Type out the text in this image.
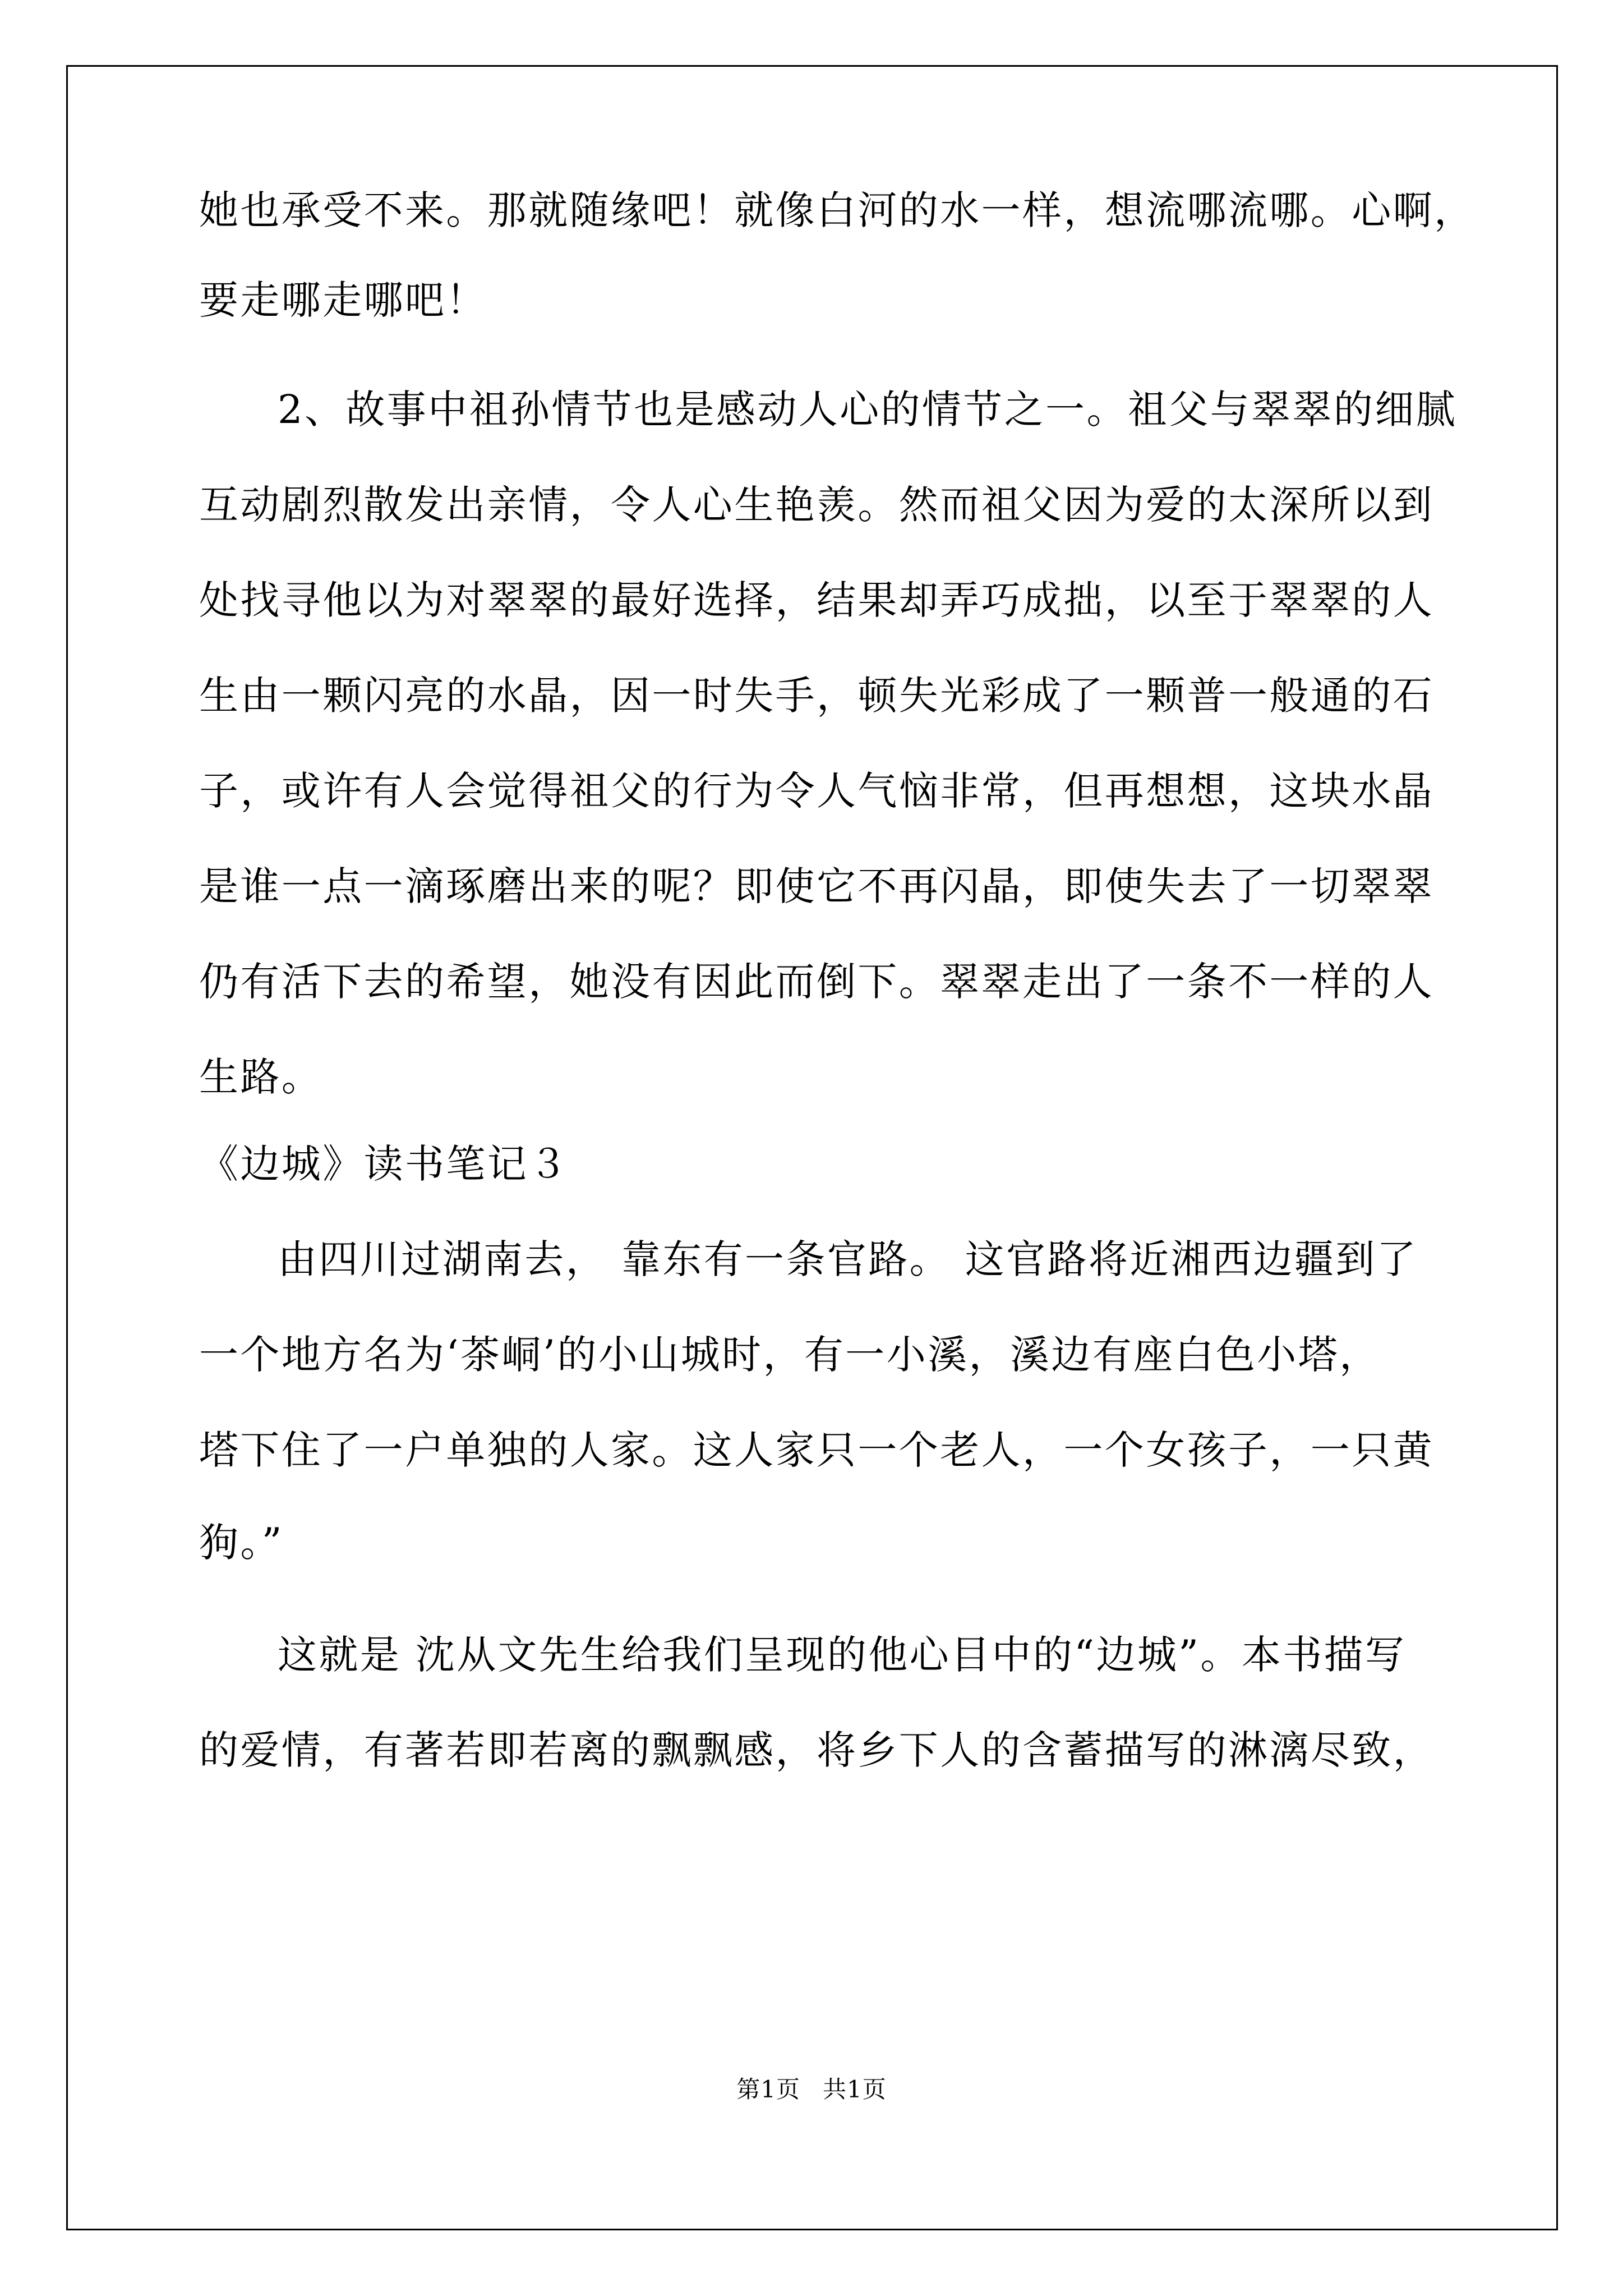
她也承受不来。那就随缘吧！就像白河的水一样，想流哪流哪。心啊，
要走哪走哪吧！
2、故事中祖孙情节也是感动人心的情节之一。祖父与翠翠的细腻
互动剧烈散发出亲情，令人心生艳羡。然而祖父因为爱的太深所以到
处找寻他以为对翠翠的最好选择，结果却弄巧成拙，以至于翠翠的人
生由一颗闪亮的水晶，因一时失手，顿失光彩成了一颗普一般通的石
子，或许有人会觉得祖父的行为令人气恼非常，但再想想，这块水晶
是谁一点一滴琢磨出来的呢？即使它不再闪晶，即使失去了一切翠翠
仍有活下去的希望，她没有因此而倒下。翠翠走出了一条不一样的人
生路。
《边城》读书笔记３
由四川过湖南去， 靠东有一条官路。 这官路将近湘西边疆到了
一个地方名为‘茶峒’的小山城时，有一小溪，溪边有座白色小塔，
塔下住了一户单独的人家。这人家只一个老人，一个女孩子，一只黄
狗。”
这就是 沈从文先生给我们呈现的他心目中的“边城”。本书描写
的爱情，有著若即若离的飘飘感，将乡下人的含蓄描写的淋漓尽致，
第1页 共1页
